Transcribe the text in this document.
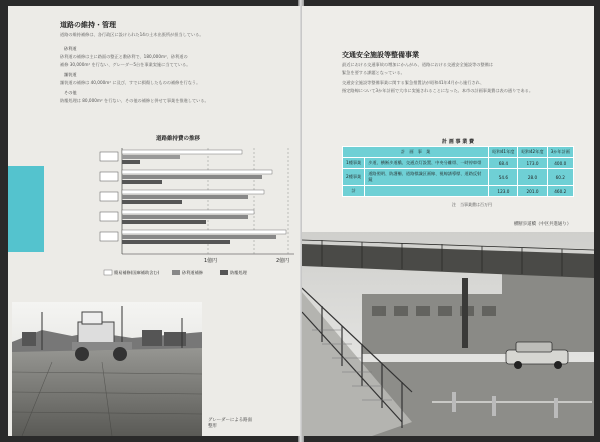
道路の維持・管理
道路の維持補修は、各行政区に設けられた14の土木出張所が担当している。
砂利道
砂利道の補修は主に路面の整正と敷砂利で、180,000m²、砂利道の
補修 30,000m² を行ない、グレーダー5台を事業実施に当てている。
舗装道
舗装道の補修は 40,000m² に及び、すでに損傷したものの補修を行なう。
その他
防塵処理は 80,000m² を行ない、その他の補修と併せて事業を推進している。
道路維持費の推移
1億円	2億円
簡易補修(国庫補助含む)	砂利道補修	防塵処理
グレーダーによる路面整形
交通安全施設等整備事業
最近における交通事故の増加にかんがみ、道路における交通安全施設等の整備は
緊急を要する課題となっている。
交通安全施設等整備事業に関する緊急措置法が昭和41年4月から施行され、
指定路線について3か年計画で大巾に実施されることになった。本市の計画事業費は表の通りである。
計 画 事 業 費
計　画　事　業		昭和41年度	昭和42年度	3か年計画
1種事業	歩道、横断歩道橋、交通点灯設置、中央分離帯、一時停車帯	68.4	173.0	400.0
2種事業	道路照明、防護柵、道路標識区画線、視線誘導標、道路反射鏡	54.6	28.0	60.2
計		123.0	201.0	460.2
注　当事業費は百万円
横断歩道橋（中区共進通り）
